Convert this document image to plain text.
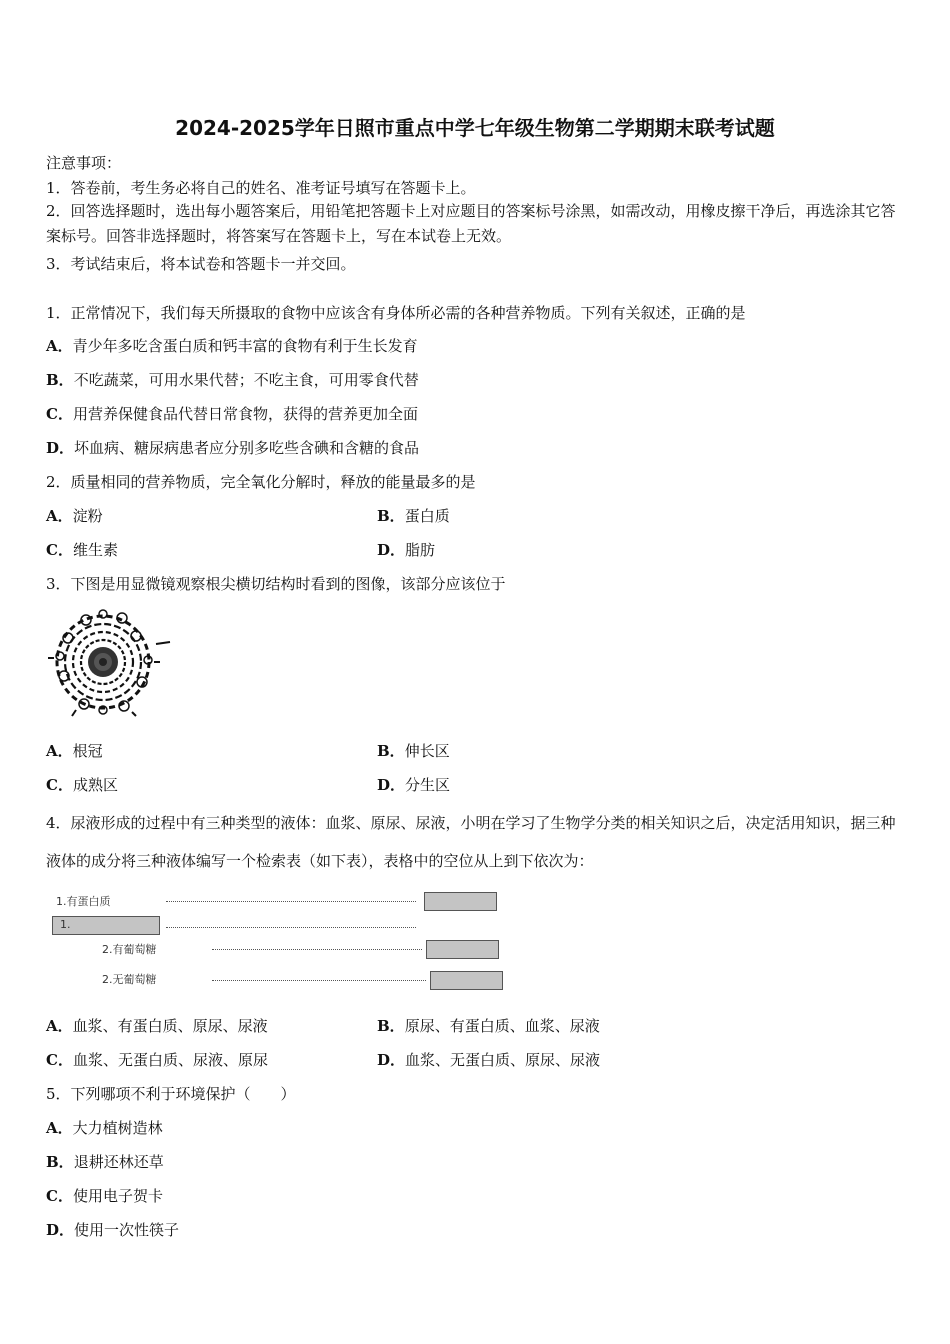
2024-2025学年日照市重点中学七年级生物第二学期期末联考试题
注意事项：
1．答卷前，考生务必将自己的姓名、准考证号填写在答题卡上。
2．回答选择题时，选出每小题答案后，用铅笔把答题卡上对应题目的答案标号涂黑，如需改动，用橡皮擦干净后，再选涂其它答案标号。回答非选择题时，将答案写在答题卡上，写在本试卷上无效。
3．考试结束后，将本试卷和答题卡一并交回。
1．正常情况下，我们每天所摄取的食物中应该含有身体所必需的各种营养物质。下列有关叙述，正确的是
A．青少年多吃含蛋白质和钙丰富的食物有利于生长发育
B．不吃蔬菜，可用水果代替；不吃主食，可用零食代替
C．用营养保健食品代替日常食物，获得的营养更加全面
D．坏血病、糖尿病患者应分别多吃些含碘和含糖的食品
2．质量相同的营养物质，完全氧化分解时，释放的能量最多的是
A．淀粉	B．蛋白质
C．维生素	D．脂肪
3．下图是用显微镜观察根尖横切结构时看到的图像，该部分应该位于
A．根冠	B．伸长区
C．成熟区	D．分生区
4．尿液形成的过程中有三种类型的液体：血浆、原尿、尿液，小明在学习了生物学分类的相关知识之后，决定活用知识，据三种液体的成分将三种液体编写一个检索表（如下表），表格中的空位从上到下依次为：
1.有蛋白质
1.
2.有葡萄糖
2.无葡萄糖
A．血浆、有蛋白质、原尿、尿液	B．原尿、有蛋白质、血浆、尿液
C．血浆、无蛋白质、尿液、原尿	D．血浆、无蛋白质、原尿、尿液
5．下列哪项不利于环境保护（　　）
A．大力植树造林
B．退耕还林还草
C．使用电子贺卡
D．使用一次性筷子
